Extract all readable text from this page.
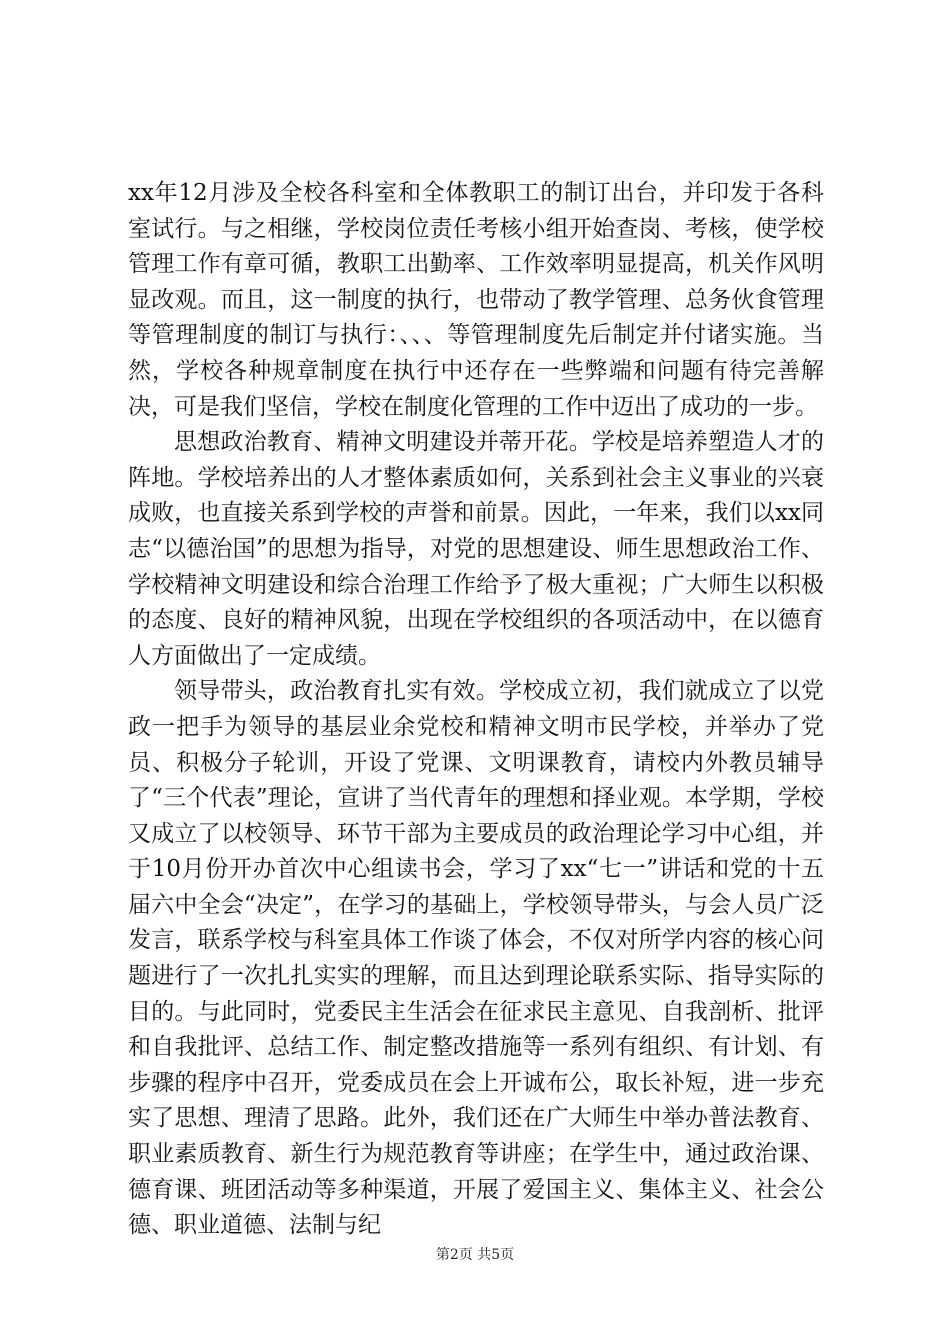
xx年12月涉及全校各科室和全体教职工的制订出台，并印发于各科室试行。与之相继，学校岗位责任考核小组开始查岗、考核，使学校管理工作有章可循，教职工出勤率、工作效率明显提高，机关作风明显改观。而且，这一制度的执行，也带动了教学管理、总务伙食管理等管理制度的制订与执行：、、、等管理制度先后制定并付诸实施。当然，学校各种规章制度在执行中还存在一些弊端和问题有待完善解决，可是我们坚信，学校在制度化管理的工作中迈出了成功的一步。

思想政治教育、精神文明建设并蒂开花。学校是培养塑造人才的阵地。学校培养出的人才整体素质如何，关系到社会主义事业的兴衰成败，也直接关系到学校的声誉和前景。因此，一年来，我们以xx同志“以德治国”的思想为指导，对党的思想建设、师生思想政治工作、学校精神文明建设和综合治理工作给予了极大重视；广大师生以积极的态度、良好的精神风貌，出现在学校组织的各项活动中，在以德育人方面做出了一定成绩。

领导带头，政治教育扎实有效。学校成立初，我们就成立了以党政一把手为领导的基层业余党校和精神文明市民学校，并举办了党员、积极分子轮训，开设了党课、文明课教育，请校内外教员辅导了“三个代表”理论，宣讲了当代青年的理想和择业观。本学期，学校又成立了以校领导、环节干部为主要成员的政治理论学习中心组，并于10月份开办首次中心组读书会，学习了xx“七一”讲话和党的十五届六中全会“决定”，在学习的基础上，学校领导带头，与会人员广泛发言，联系学校与科室具体工作谈了体会，不仅对所学内容的核心问题进行了一次扎扎实实的理解，而且达到理论联系实际、指导实际的目的。与此同时，党委民主生活会在征求民主意见、自我剖析、批评和自我批评、总结工作、制定整改措施等一系列有组织、有计划、有步骤的程序中召开，党委成员在会上开诚布公，取长补短，进一步充实了思想、理清了思路。此外，我们还在广大师生中举办普法教育、职业素质教育、新生行为规范教育等讲座；在学生中，通过政治课、德育课、班团活动等多种渠道，开展了爱国主义、集体主义、社会公德、职业道德、法制与纪

第2页 共5页
